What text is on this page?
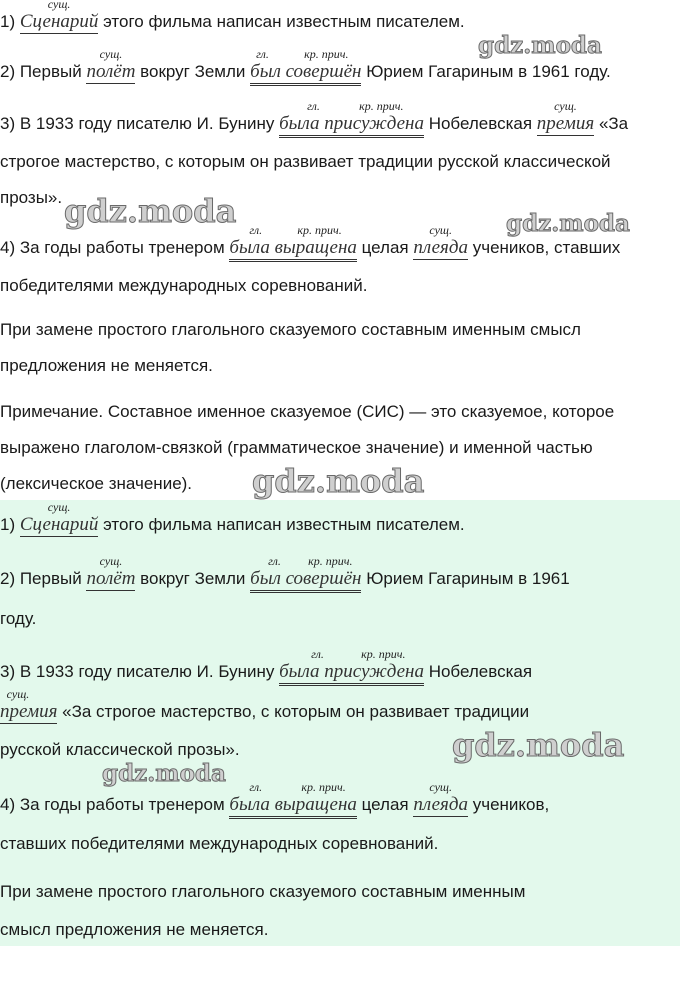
1)
сущ.
Сценарий этого фильма написан известным писателем.
2) Первый
сущ.
полёт вокруг Земли
гл.	кр. прич.
был совершён Юрием Гагариным в 1961 году.
3) В 1933 году писателю И. Бунину
гл.	кр. прич.
была присуждена Нобелевская
сущ.
премия «За
строгое мастерство, с которым он развивает традиции русской классической
прозы».
4) За годы работы тренером
гл.	кр. прич.
была выращена целая
сущ.
плеяда учеников, ставших
победителями международных соревнований.
При замене простого глагольного сказуемого составным именным смысл
предложения не меняется.
Примечание. Составное именное сказуемое (СИС) — это сказуемое, которое
выражено глаголом-связкой (грамматическое значение) и именной частью
(лексическое значение).
1)
сущ.
Сценарий этого фильма написан известным писателем.
2) Первый
сущ.
полёт вокруг Земли
гл. кр. прич.
был совершён Юрием Гагариным в 1961
году.
3) В 1933 году писателю И. Бунину
гл.	кр. прич.
была присуждена Нобелевская
сущ.
премия «За строгое мастерство, с которым он развивает традиции
русской классической прозы».
4) За годы работы тренером
гл.	кр. прич.
была выращена целая
сущ.
плеяда учеников,
ставших победителями международных соревнований.
При замене простого глагольного сказуемого составным именным
смысл предложения не меняется.
gdz.moda
gdz.moda	gdz.moda
gdz.moda
gdz.moda
gdz.moda
